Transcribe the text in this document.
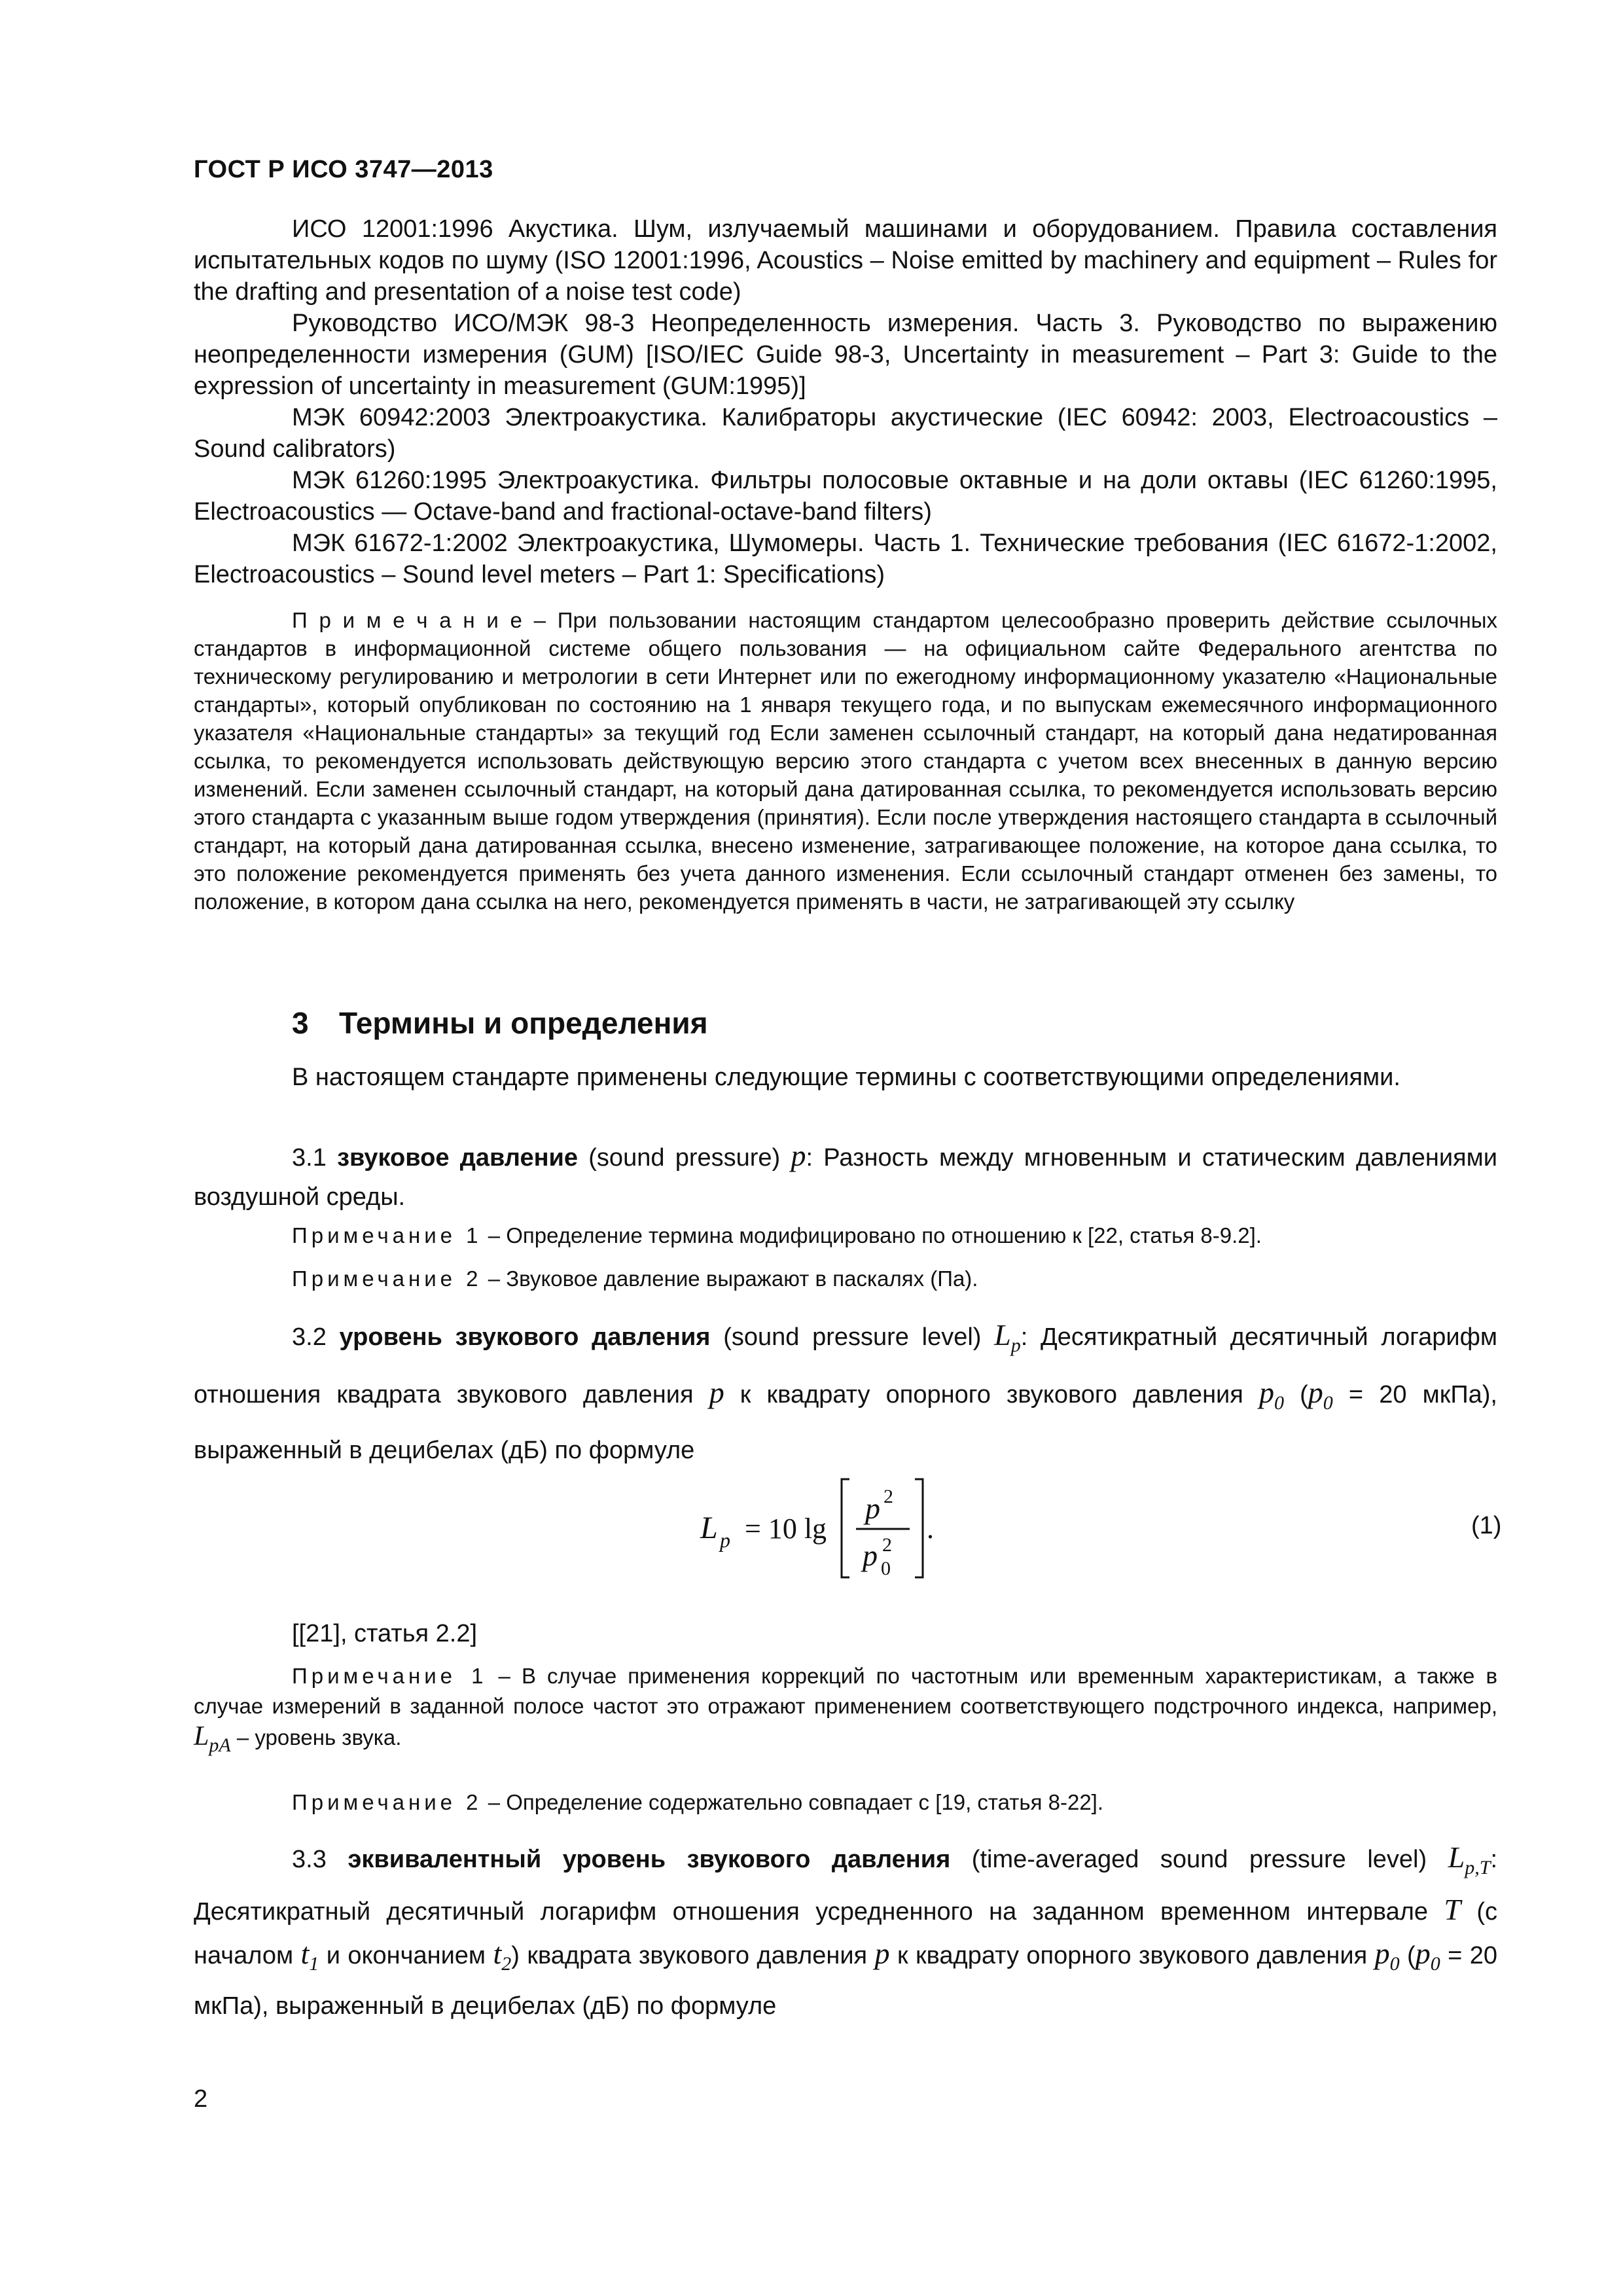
ГОСТ Р ИСО 3747—2013

ИСО 12001:1996 Акустика. Шум, излучаемый машинами и оборудованием. Правила составления испытательных кодов по шуму (ISO 12001:1996, Acoustics – Noise emitted by machinery and equipment – Rules for the drafting and presentation of a noise test code)

Руководство ИСО/МЭК 98-3 Неопределенность измерения. Часть 3. Руководство по выражению неопределенности измерения (GUM) [ISO/IEC Guide 98-3, Uncertainty in measurement – Part 3: Guide to the expression of uncertainty in measurement (GUM:1995)]

МЭК 60942:2003 Электроакустика. Калибраторы акустические (IEC 60942: 2003, Electroacoustics – Sound calibrators)

МЭК 61260:1995 Электроакустика. Фильтры полосовые октавные и на доли октавы (IEC 61260:1995, Electroacoustics — Octave-band and fractional-octave-band filters)

МЭК 61672-1:2002 Электроакустика, Шумомеры. Часть 1. Технические требования (IEC 61672-1:2002, Electroacoustics – Sound level meters – Part 1: Specifications)

П р и м е ч а н и е – При пользовании настоящим стандартом целесообразно проверить действие ссылочных стандартов в информационной системе общего пользования — на официальном сайте Федерального агентства по техническому регулированию и метрологии в сети Интернет или по ежегодному информационному указателю «Национальные стандарты», который опубликован по состоянию на 1 января текущего года, и по выпускам ежемесячного информационного указателя «Национальные стандарты» за текущий год Если заменен ссылочный стандарт, на который дана недатированная ссылка, то рекомендуется использовать действующую версию этого стандарта с учетом всех внесенных в данную версию изменений. Если заменен ссылочный стандарт, на который дана датированная ссылка, то рекомендуется использовать версию этого стандарта с указанным выше годом утверждения (принятия). Если после утверждения настоящего стандарта в ссылочный стандарт, на который дана датированная ссылка, внесено изменение, затрагивающее положение, на которое дана ссылка, то это положение рекомендуется применять без учета данного изменения. Если ссылочный стандарт отменен без замены, то положение, в котором дана ссылка на него, рекомендуется применять в части, не затрагивающей эту ссылку

3 Термины и определения

В настоящем стандарте применены следующие термины с соответствующими определениями.

3.1 звуковое давление (sound pressure) p: Разность между мгновенным и статическим давлениями воздушной среды.

Примечание 1 – Определение термина модифицировано по отношению к [22, статья 8-9.2].

Примечание 2 – Звуковое давление выражают в паскалях (Па).

3.2 уровень звукового давления (sound pressure level) $L_p$: Десятикратный десятичный логарифм отношения квадрата звукового давления p к квадрату опорного звукового давления $p_0$ ($p_0 = 20$ мкПа), выраженный в децибелах (дБ) по формуле

L p = 10 lg
p 2
p 0
2
.	(1)

[[21], статья 2.2]

Примечание 1 – В случае применения коррекций по частотным или временным характеристикам, а также в случае измерений в заданной полосе частот это отражают применением соответствующего подстрочного индекса, например, $L_{pA}$ – уровень звука.

Примечание 2 – Определение содержательно совпадает с [19, статья 8-22].

3.3 эквивалентный уровень звукового давления (time-averaged sound pressure level) $L_{p,T}$: Десятикратный десятичный логарифм отношения усредненного на заданном временном интервале T (с началом $t_1$ и окончанием $t_2$) квадрата звукового давления p к квадрату опорного звукового давления $p_0$ ($p_0 = 20$ мкПа), выраженный в децибелах (дБ) по формуле

2
